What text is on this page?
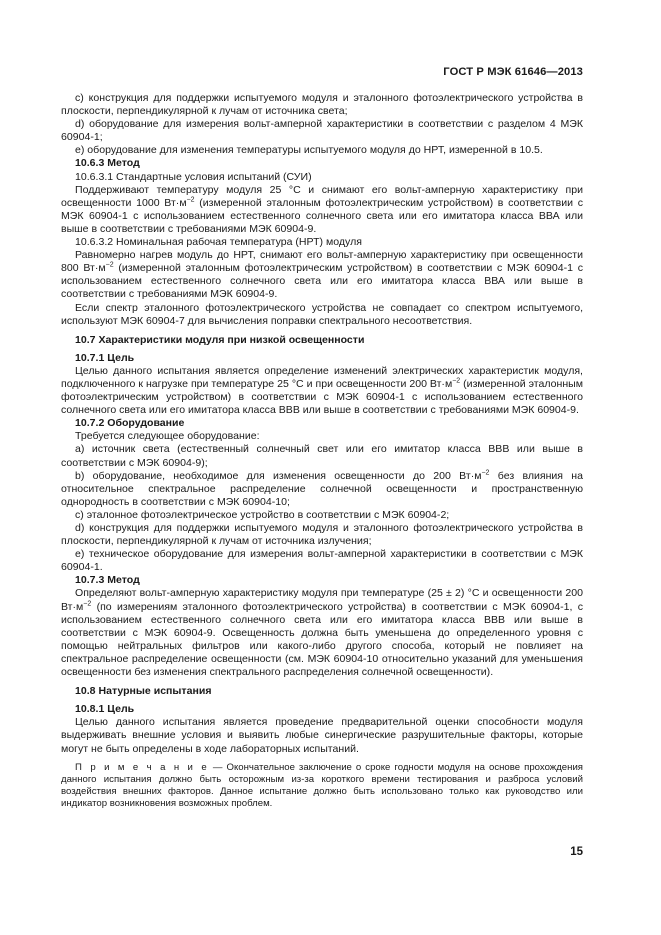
ГОСТ Р МЭК 61646—2013

c) конструкция для поддержки испытуемого модуля и эталонного фотоэлектрического устройства в плоскости, перпендикулярной к лучам от источника света;

d) оборудование для измерения вольт-амперной характеристики в соответствии с разделом 4 МЭК 60904-1;

e) оборудование для изменения температуры испытуемого модуля до НРТ, измеренной в 10.5.

10.6.3 Метод

10.6.3.1 Стандартные условия испытаний (СУИ)

Поддерживают температуру модуля 25 °С и снимают его вольт-амперную характеристику при освещенности 1000 $Вт\cdot м^{-2}$ (измеренной эталонным фотоэлектрическим устройством) в соответствии с МЭК 60904-1 с использованием естественного солнечного света или его имитатора класса ВВА или выше в соответствии с требованиями МЭК 60904-9.

10.6.3.2 Номинальная рабочая температура (НРТ) модуля

Равномерно нагрев модуль до НРТ, снимают его вольт-амперную характеристику при освещенности 800 $Вт\cdot м^{-2}$ (измеренной эталонным фотоэлектрическим устройством) в соответствии с МЭК 60904-1 с использованием естественного солнечного света или его имитатора класса ВВА или выше в соответствии с требованиями МЭК 60904-9.

Если спектр эталонного фотоэлектрического устройства не совпадает со спектром испытуемого, используют МЭК 60904-7 для вычисления поправки спектрального несоответствия.

10.7 Характеристики модуля при низкой освещенности

10.7.1 Цель

Целью данного испытания является определение изменений электрических характеристик модуля, подключенного к нагрузке при температуре 25 °С и при освещенности 200 $Вт\cdot м^{-2}$ (измеренной эталонным фотоэлектрическим устройством) в соответствии с МЭК 60904-1 с использованием естественного солнечного света или его имитатора класса ВВВ или выше в соответствии с требованиями МЭК 60904-9.

10.7.2 Оборудование

Требуется следующее оборудование:

а) источник света (естественный солнечный свет или его имитатор класса ВВВ или выше в соответствии с МЭК 60904-9);

b) оборудование, необходимое для изменения освещенности до 200 $Вт\cdot м^{-2}$ без влияния на относительное спектральное распределение солнечной освещенности и пространственную однородность в соответствии с МЭК 60904-10;

c) эталонное фотоэлектрическое устройство в соответствии с МЭК 60904-2;

d) конструкция для поддержки испытуемого модуля и эталонного фотоэлектрического устройства в плоскости, перпендикулярной к лучам от источника излучения;

e) техническое оборудование для измерения вольт-амперной характеристики в соответствии с МЭК 60904-1.

10.7.3 Метод

Определяют вольт-амперную характеристику модуля при температуре (25 ± 2) °С и освещенности 200 $Вт\cdot м^{-2}$ (по измерениям эталонного фотоэлектрического устройства) в соответствии с МЭК 60904-1, с использованием естественного солнечного света или его имитатора класса ВВВ или выше в соответствии с МЭК 60904-9. Освещенность должна быть уменьшена до определенного уровня с помощью нейтральных фильтров или какого-либо другого способа, который не повлияет на спектральное распределение освещенности (см. МЭК 60904-10 относительно указаний для уменьшения освещенности без изменения спектрального распределения солнечной освещенности).

10.8 Натурные испытания

10.8.1 Цель

Целью данного испытания является проведение предварительной оценки способности модуля выдерживать внешние условия и выявить любые синергические разрушительные факторы, которые могут не быть определены в ходе лабораторных испытаний.

П р и м е ч а н и е — Окончательное заключение о сроке годности модуля на основе прохождения данного испытания должно быть осторожным из-за короткого времени тестирования и разброса условий воздействия внешних факторов. Данное испытание должно быть использовано только как руководство или индикатор возникновения возможных проблем.

15
